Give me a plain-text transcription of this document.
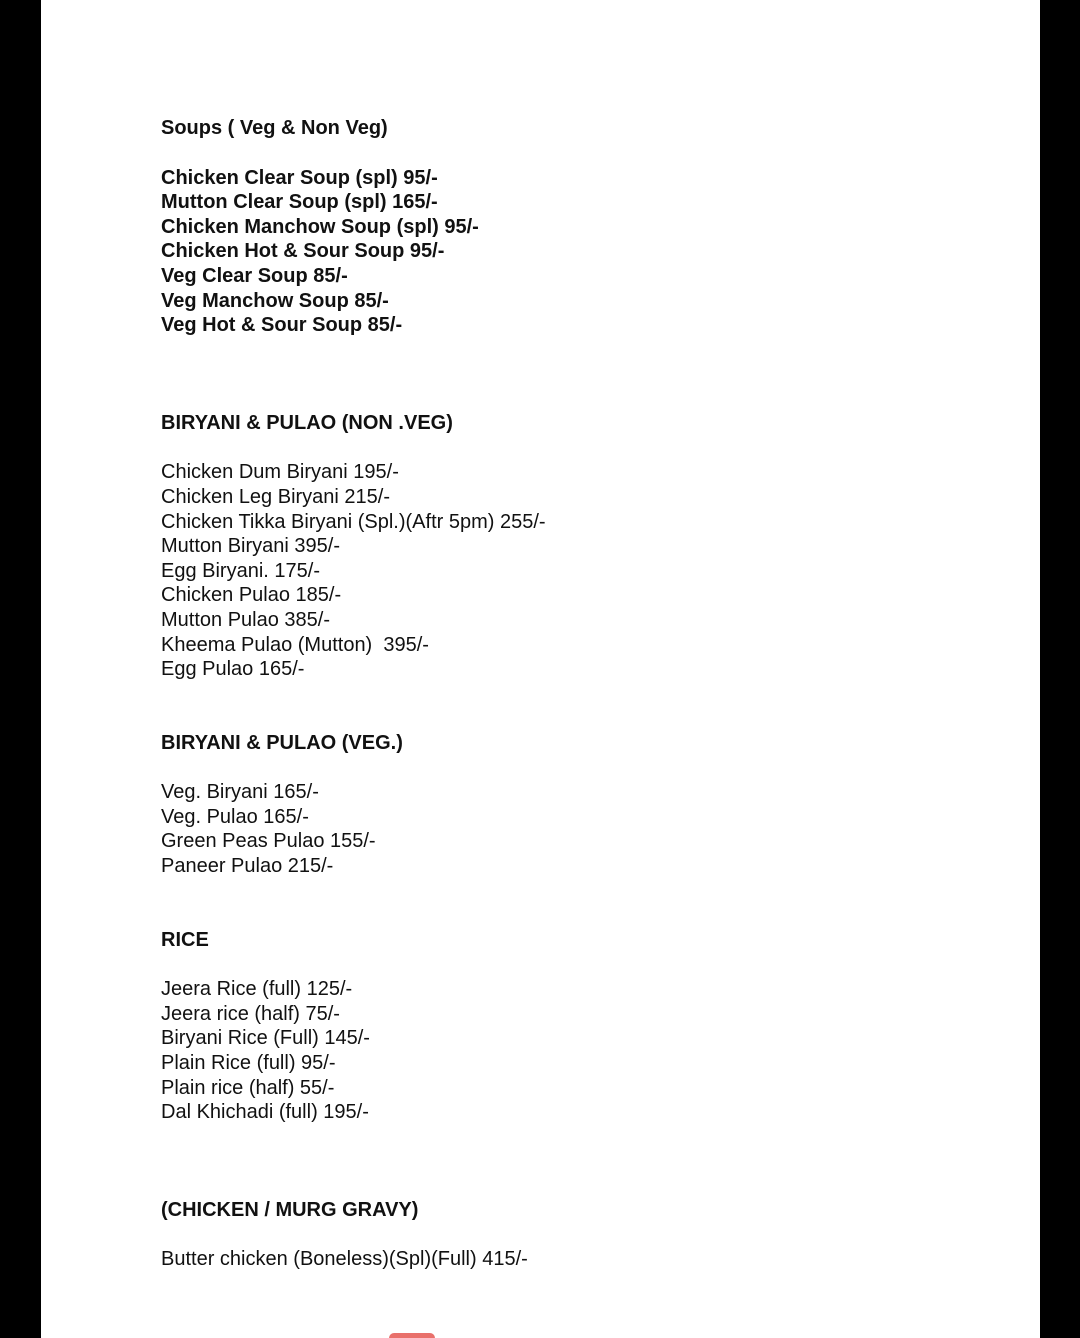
Soups ( Veg & Non Veg)

Chicken Clear Soup (spl) 95/-
Mutton Clear Soup (spl) 165/-
Chicken Manchow Soup (spl) 95/-
Chicken Hot & Sour Soup 95/-
Veg Clear Soup 85/-
Veg Manchow Soup 85/-
Veg Hot & Sour Soup 85/-

BIRYANI & PULAO (NON .VEG)

Chicken Dum Biryani 195/-
Chicken Leg Biryani 215/-
Chicken Tikka Biryani (Spl.)(Aftr 5pm) 255/-
Mutton Biryani 395/-
Egg Biryani. 175/-
Chicken Pulao 185/-
Mutton Pulao 385/-
Kheema Pulao (Mutton)  395/-
Egg Pulao 165/-

BIRYANI & PULAO (VEG.)

Veg. Biryani 165/-
Veg. Pulao 165/-
Green Peas Pulao 155/-
Paneer Pulao 215/-

RICE

Jeera Rice (full) 125/-
Jeera rice (half) 75/-
Biryani Rice (Full) 145/-
Plain Rice (full) 95/-
Plain rice (half) 55/-
Dal Khichadi (full) 195/-

(CHICKEN / MURG GRAVY)

Butter chicken (Boneless)(Spl)(Full) 415/-
